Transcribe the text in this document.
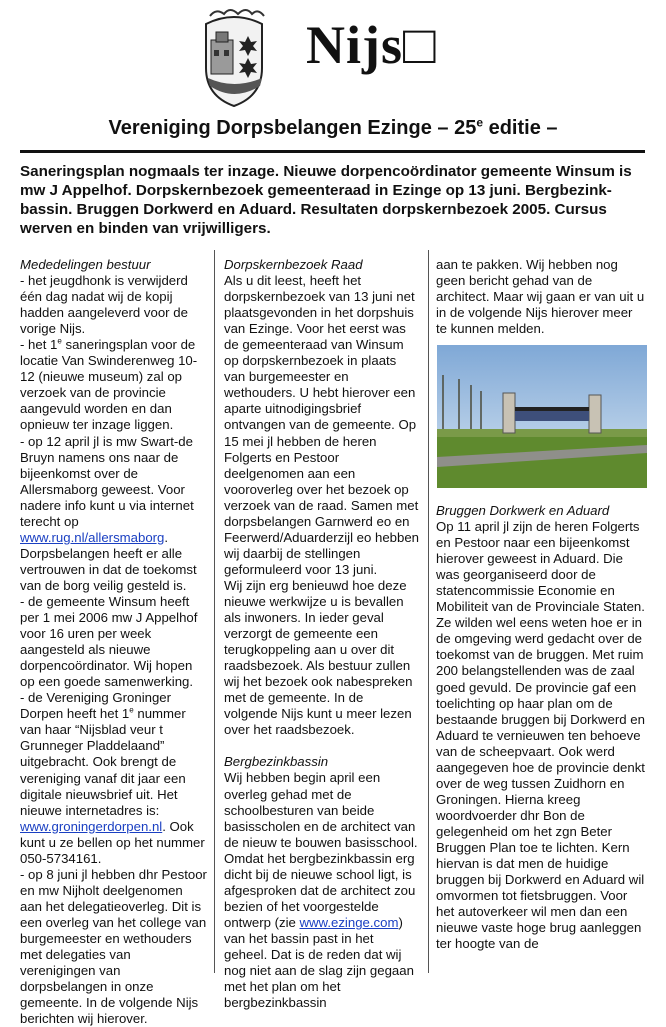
Nijs□
Vereniging Dorpsbelangen Ezinge – 25e editie –
Saneringsplan nogmaals ter inzage. Nieuwe dorpencoördinator gemeente Winsum is mw J Appelhof. Dorpskernbezoek gemeenteraad in Ezinge op 13 juni. Bergbezink-bassin. Bruggen Dorkwerd en Aduard. Resultaten dorpskernbezoek 2005. Cursus werven en binden van vrijwilligers.
Mededelingen bestuur

- het jeugdhonk is verwijderd één dag nadat wij de kopij hadden aangeleverd voor de vorige Nijs.

- het 1e saneringsplan voor de locatie Van Swinderenweg 10-12 (nieuwe museum) zal op verzoek van de provincie aangevuld worden en dan opnieuw ter inzage liggen.

- op 12 april jl is mw Swart-de Bruyn namens ons naar de bijeenkomst over de Allersmaborg geweest. Voor nadere info kunt u via internet terecht op www.rug.nl/allersmaborg. Dorpsbelangen heeft er alle vertrouwen in dat de toekomst van de borg veilig gesteld is.

- de gemeente Winsum heeft per 1 mei 2006 mw J Appelhof voor 16 uren per week aangesteld als nieuwe dorpencoördinator. Wij hopen op een goede samenwerking.

- de Vereniging Groninger Dorpen heeft het 1e nummer van haar “Nijsblad veur t Grunneger Pladdelaand” uitgebracht. Ook brengt de vereniging vanaf dit jaar een digitale nieuwsbrief uit. Het nieuwe internetadres is: www.groningerdorpen.nl. Ook kunt u ze bellen op het nummer 050-5734161.

- op 8 juni jl hebben dhr Pestoor en mw Nijholt deelgenomen aan het delegatieoverleg. Dit is een overleg van het college van burgemeester en wethouders met delegaties van verenigingen van dorpsbelangen in onze gemeente. In de volgende Nijs berichten wij hierover.

Dorpskernbezoek Raad

Als u dit leest, heeft het dorpskernbezoek van 13 juni net plaatsgevonden in het dorpshuis van Ezinge. Voor het eerst was de gemeenteraad van Winsum op dorpskernbezoek in plaats van burgemeester en wethouders. U hebt hierover een aparte uitnodigingsbrief ontvangen van de gemeente. Op 15 mei jl hebben de heren Folgerts en Pestoor deelgenomen aan een vooroverleg over het bezoek op verzoek van de raad. Samen met dorpsbelangen Garnwerd eo en Feerwerd/Aduarderzijl eo hebben wij daarbij de stellingen geformuleerd voor 13 juni.

Wij zijn erg benieuwd hoe deze nieuwe werkwijze u is bevallen als inwoners. In ieder geval verzorgt de gemeente een terugkoppeling aan u over dit raadsbezoek. Als bestuur zullen wij het bezoek ook nabespreken met de gemeente. In de volgende Nijs kunt u meer lezen over het raadsbezoek.

Bergbezinkbassin

Wij hebben begin april een overleg gehad met de schoolbesturen van beide basisscholen en de architect van de nieuw te bouwen basisschool. Omdat het bergbezinkbassin erg dicht bij de nieuwe school ligt, is afgesproken dat de architect zou bezien of het voorgestelde ontwerp (zie www.ezinge.com) van het bassin past in het geheel. Dat is de reden dat wij nog niet aan de slag zijn gegaan met het plan om het bergbezinkbassin

aan te pakken. Wij hebben nog geen bericht gehad van de architect. Maar wij gaan er van uit u in de volgende Nijs hierover meer te kunnen melden.

Bruggen Dorkwerk en Aduard

Op 11 april jl zijn de heren Folgerts en Pestoor naar een bijeenkomst hierover geweest in Aduard. Die was georganiseerd door de statencommissie Economie en Mobiliteit van de Provinciale Staten. Ze wilden wel eens weten hoe er in de omgeving werd gedacht over de toekomst van de bruggen. Met ruim 200 belangstellenden was de zaal goed gevuld. De provincie gaf een toelichting op haar plan om de bestaande bruggen bij Dorkwerd en Aduard te vernieuwen ten behoeve van de scheepvaart. Ook werd aangegeven hoe de provincie denkt over de weg tussen Zuidhorn en Groningen. Hierna kreeg woordvoerder dhr Bon de gelegenheid om het zgn Beter Bruggen Plan toe te lichten. Kern hiervan is dat men de huidige bruggen bij Dorkwerd en Aduard wil omvormen tot fietsbruggen. Voor het autoverkeer wil men dan een nieuwe vaste hoge brug aanleggen ter hoogte van de
